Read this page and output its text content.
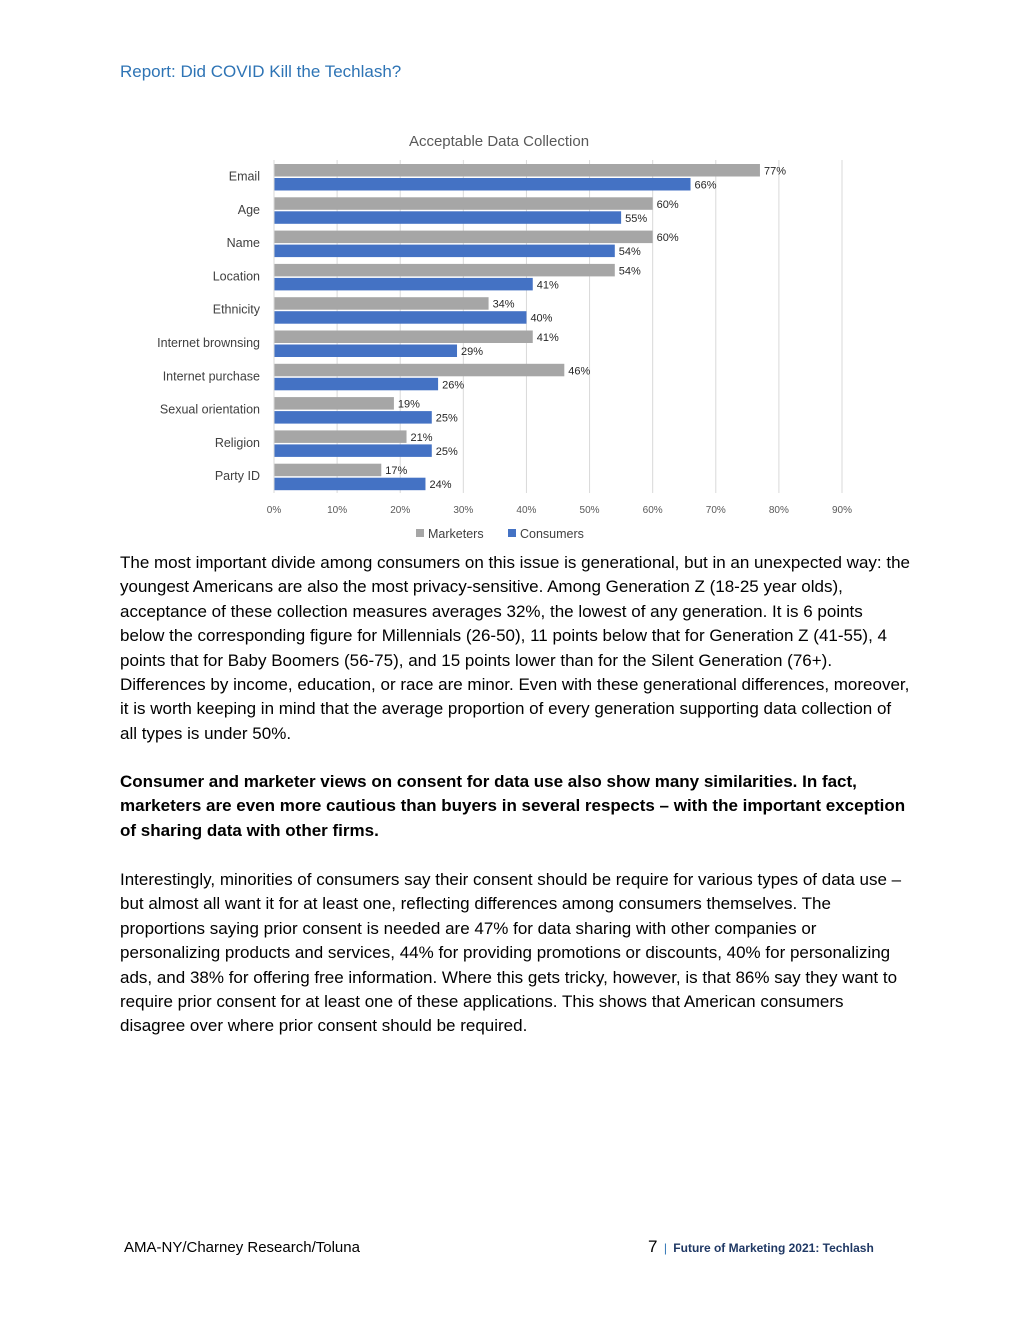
Report: Did COVID Kill the Techlash?
Acceptable Data Collection
0%	10%	20%	30%	40%	50%	60%	70%	80%	90%
Email	77%
66%
Age	60%
55%
Name	60%
54%
Location	54%
41%
Ethnicity	34%
40%
Internet brownsing	41%
29%
Internet purchase	46%
26%
Sexual orientation	19%
25%
Religion	21%
25%
Party ID	17%
24%
Marketers	Consumers
The most important divide among consumers on this issue is generational, but in an unexpected way: the youngest Americans are also the most privacy-sensitive. Among Generation Z (18-25 year olds), acceptance of these collection measures averages 32%, the lowest of any generation. It is 6 points below the corresponding figure for Millennials (26-50), 11 points below that for Generation Z (41-55), 4 points that for Baby Boomers (56-75), and 15 points lower than for the Silent Generation (76+). Differences by income, education, or race are minor. Even with these generational differences, moreover, it is worth keeping in mind that the average proportion of every generation supporting data collection of all types is under 50%.
Consumer and marketer views on consent for data use also show many similarities. In fact, marketers are even more cautious than buyers in several respects – with the important exception of sharing data with other firms.
Interestingly, minorities of consumers say their consent should be require for various types of data use – but almost all want it for at least one, reflecting differences among consumers themselves. The proportions saying prior consent is needed are 47% for data sharing with other companies or personalizing products and services, 44% for providing promotions or discounts, 40% for personalizing ads, and 38% for offering free information. Where this gets tricky, however, is that 86% say they want to require prior consent for at least one of these applications. This shows that American consumers disagree over where prior consent should be required.
AMA-NY/Charney Research/Toluna	7 | Future of Marketing 2021: Techlash
